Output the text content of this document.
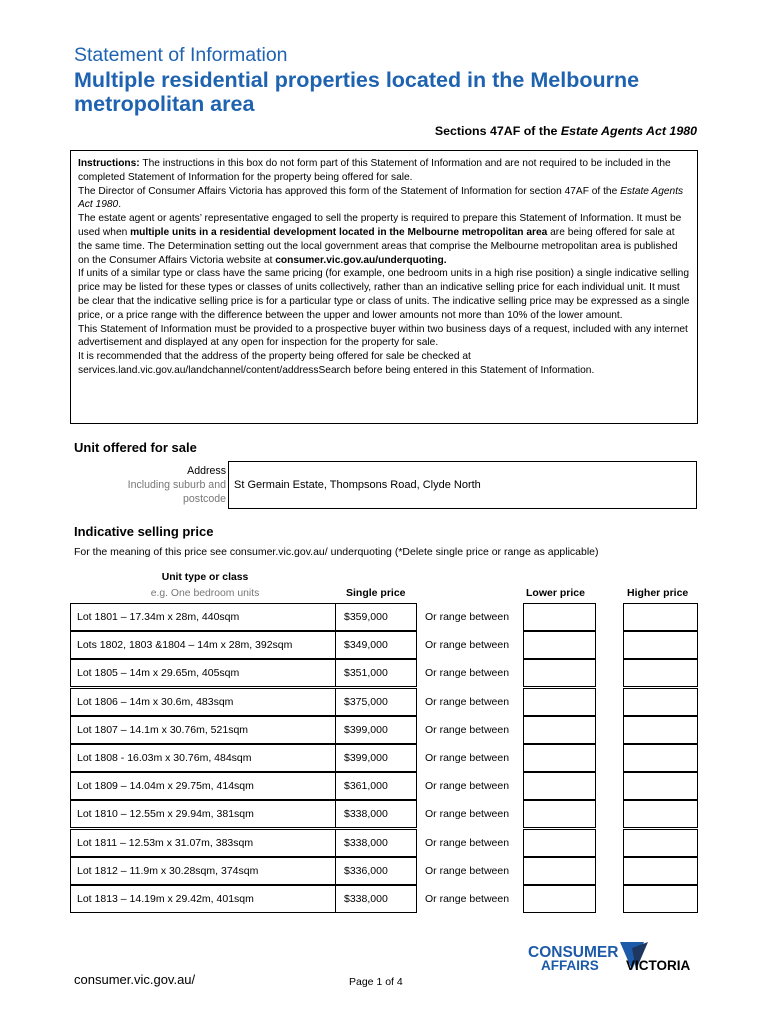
Statement of Information
Multiple residential properties located in the Melbourne metropolitan area
Sections 47AF of the Estate Agents Act 1980

Instructions: The instructions in this box do not form part of this Statement of Information and are not required to be included in the completed Statement of Information for the property being offered for sale.

The Director of Consumer Affairs Victoria has approved this form of the Statement of Information for section 47AF of the Estate Agents Act 1980.

The estate agent or agents’ representative engaged to sell the property is required to prepare this Statement of Information. It must be used when multiple units in a residential development located in the Melbourne metropolitan area are being offered for sale at the same time. The Determination setting out the local government areas that comprise the Melbourne metropolitan area is published on the Consumer Affairs Victoria website at consumer.vic.gov.au/underquoting.

If units of a similar type or class have the same pricing (for example, one bedroom units in a high rise position) a single indicative selling price may be listed for these types or classes of units collectively, rather than an indicative selling price for each individual unit. It must be clear that the indicative selling price is for a particular type or class of units. The indicative selling price may be expressed as a single price, or a price range with the difference between the upper and lower amounts not more than 10% of the lower amount.

This Statement of Information must be provided to a prospective buyer within two business days of a request, included with any internet advertisement and displayed at any open for inspection for the property for sale.

It is recommended that the address of the property being offered for sale be checked at services.land.vic.gov.au/landchannel/content/addressSearch before being entered in this Statement of Information.

Unit offered for sale
Address
Including suburb and
postcode
St Germain Estate, Thompsons Road, Clyde North
Indicative selling price
For the meaning of this price see consumer.vic.gov.au/ underquoting (*Delete single price or range as applicable)
Unit type or class
e.g. One bedroom units	Single price	Lower price	Higher price
Lot 1801 – 17.34m x 28m, 440sqm	$359,000	Or range between
Lots 1802, 1803 &1804 – 14m x 28m, 392sqm	$349,000	Or range between
Lot 1805 – 14m x 29.65m, 405sqm	$351,000	Or range between
Lot 1806 – 14m x 30.6m, 483sqm	$375,000	Or range between
Lot 1807 – 14.1m x 30.76m, 521sqm	$399,000	Or range between
Lot 1808 - 16.03m x 30.76m, 484sqm	$399,000	Or range between
Lot 1809 – 14.04m x 29.75m, 414sqm	$361,000	Or range between
Lot 1810 – 12.55m x 29.94m, 381sqm	$338,000	Or range between
Lot 1811 – 12.53m x 31.07m, 383sqm	$338,000	Or range between
Lot 1812 – 11.9m x 30.28sqm, 374sqm	$336,000	Or range between
Lot 1813 – 14.19m x 29.42m, 401sqm	$338,000	Or range between
consumer.vic.gov.au/	Page 1 of 4
CONSUMER
AFFAIRS VICTORIA
